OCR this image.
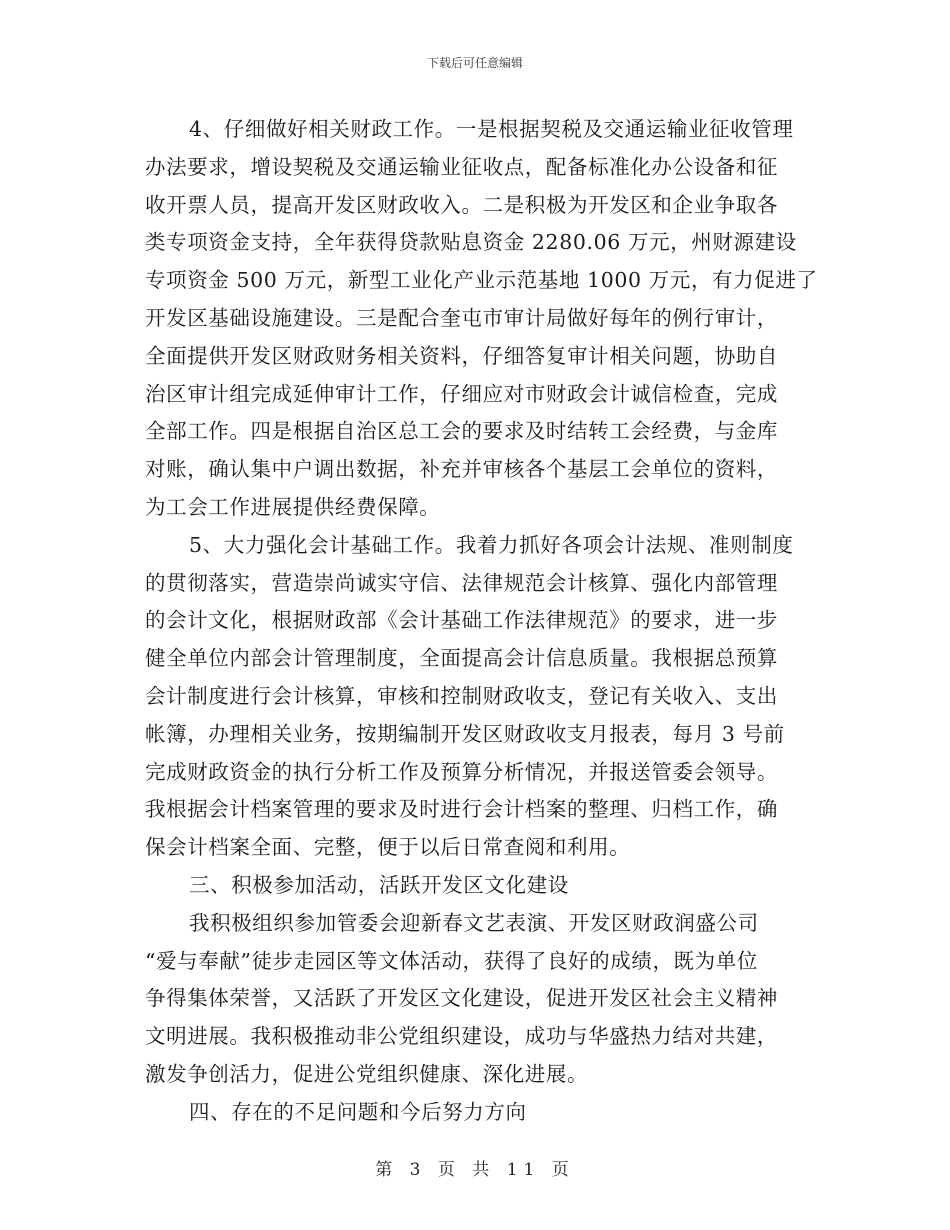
下载后可任意编辑
4、仔细做好相关财政工作。一是根据契税及交通运输业征收管理
办法要求，增设契税及交通运输业征收点，配备标准化办公设备和征
收开票人员，提高开发区财政收入。二是积极为开发区和企业争取各
类专项资金支持，全年获得贷款贴息资金 2280.06 万元，州财源建设
专项资金 500 万元，新型工业化产业示范基地 1000 万元，有力促进了
开发区基础设施建设。三是配合奎屯市审计局做好每年的例行审计，
全面提供开发区财政财务相关资料，仔细答复审计相关问题，协助自
治区审计组完成延伸审计工作，仔细应对市财政会计诚信检查，完成
全部工作。四是根据自治区总工会的要求及时结转工会经费，与金库
对账，确认集中户调出数据，补充并审核各个基层工会单位的资料，
为工会工作进展提供经费保障。
5、大力强化会计基础工作。我着力抓好各项会计法规、准则制度
的贯彻落实，营造崇尚诚实守信、法律规范会计核算、强化内部管理
的会计文化，根据财政部《会计基础工作法律规范》的要求，进一步
健全单位内部会计管理制度，全面提高会计信息质量。我根据总预算
会计制度进行会计核算，审核和控制财政收支，登记有关收入、支出
帐簿，办理相关业务，按期编制开发区财政收支月报表，每月 3 号前
完成财政资金的执行分析工作及预算分析情况，并报送管委会领导。
我根据会计档案管理的要求及时进行会计档案的整理、归档工作，确
保会计档案全面、完整，便于以后日常查阅和利用。
三、积极参加活动，活跃开发区文化建设
我积极组织参加管委会迎新春文艺表演、开发区财政润盛公司
“爱与奉献”徒步走园区等文体活动，获得了良好的成绩，既为单位
争得集体荣誉，又活跃了开发区文化建设，促进开发区社会主义精神
文明进展。我积极推动非公党组织建设，成功与华盛热力结对共建，
激发争创活力，促进公党组织健康、深化进展。
四、存在的不足问题和今后努力方向
第 3 页 共 11 页
